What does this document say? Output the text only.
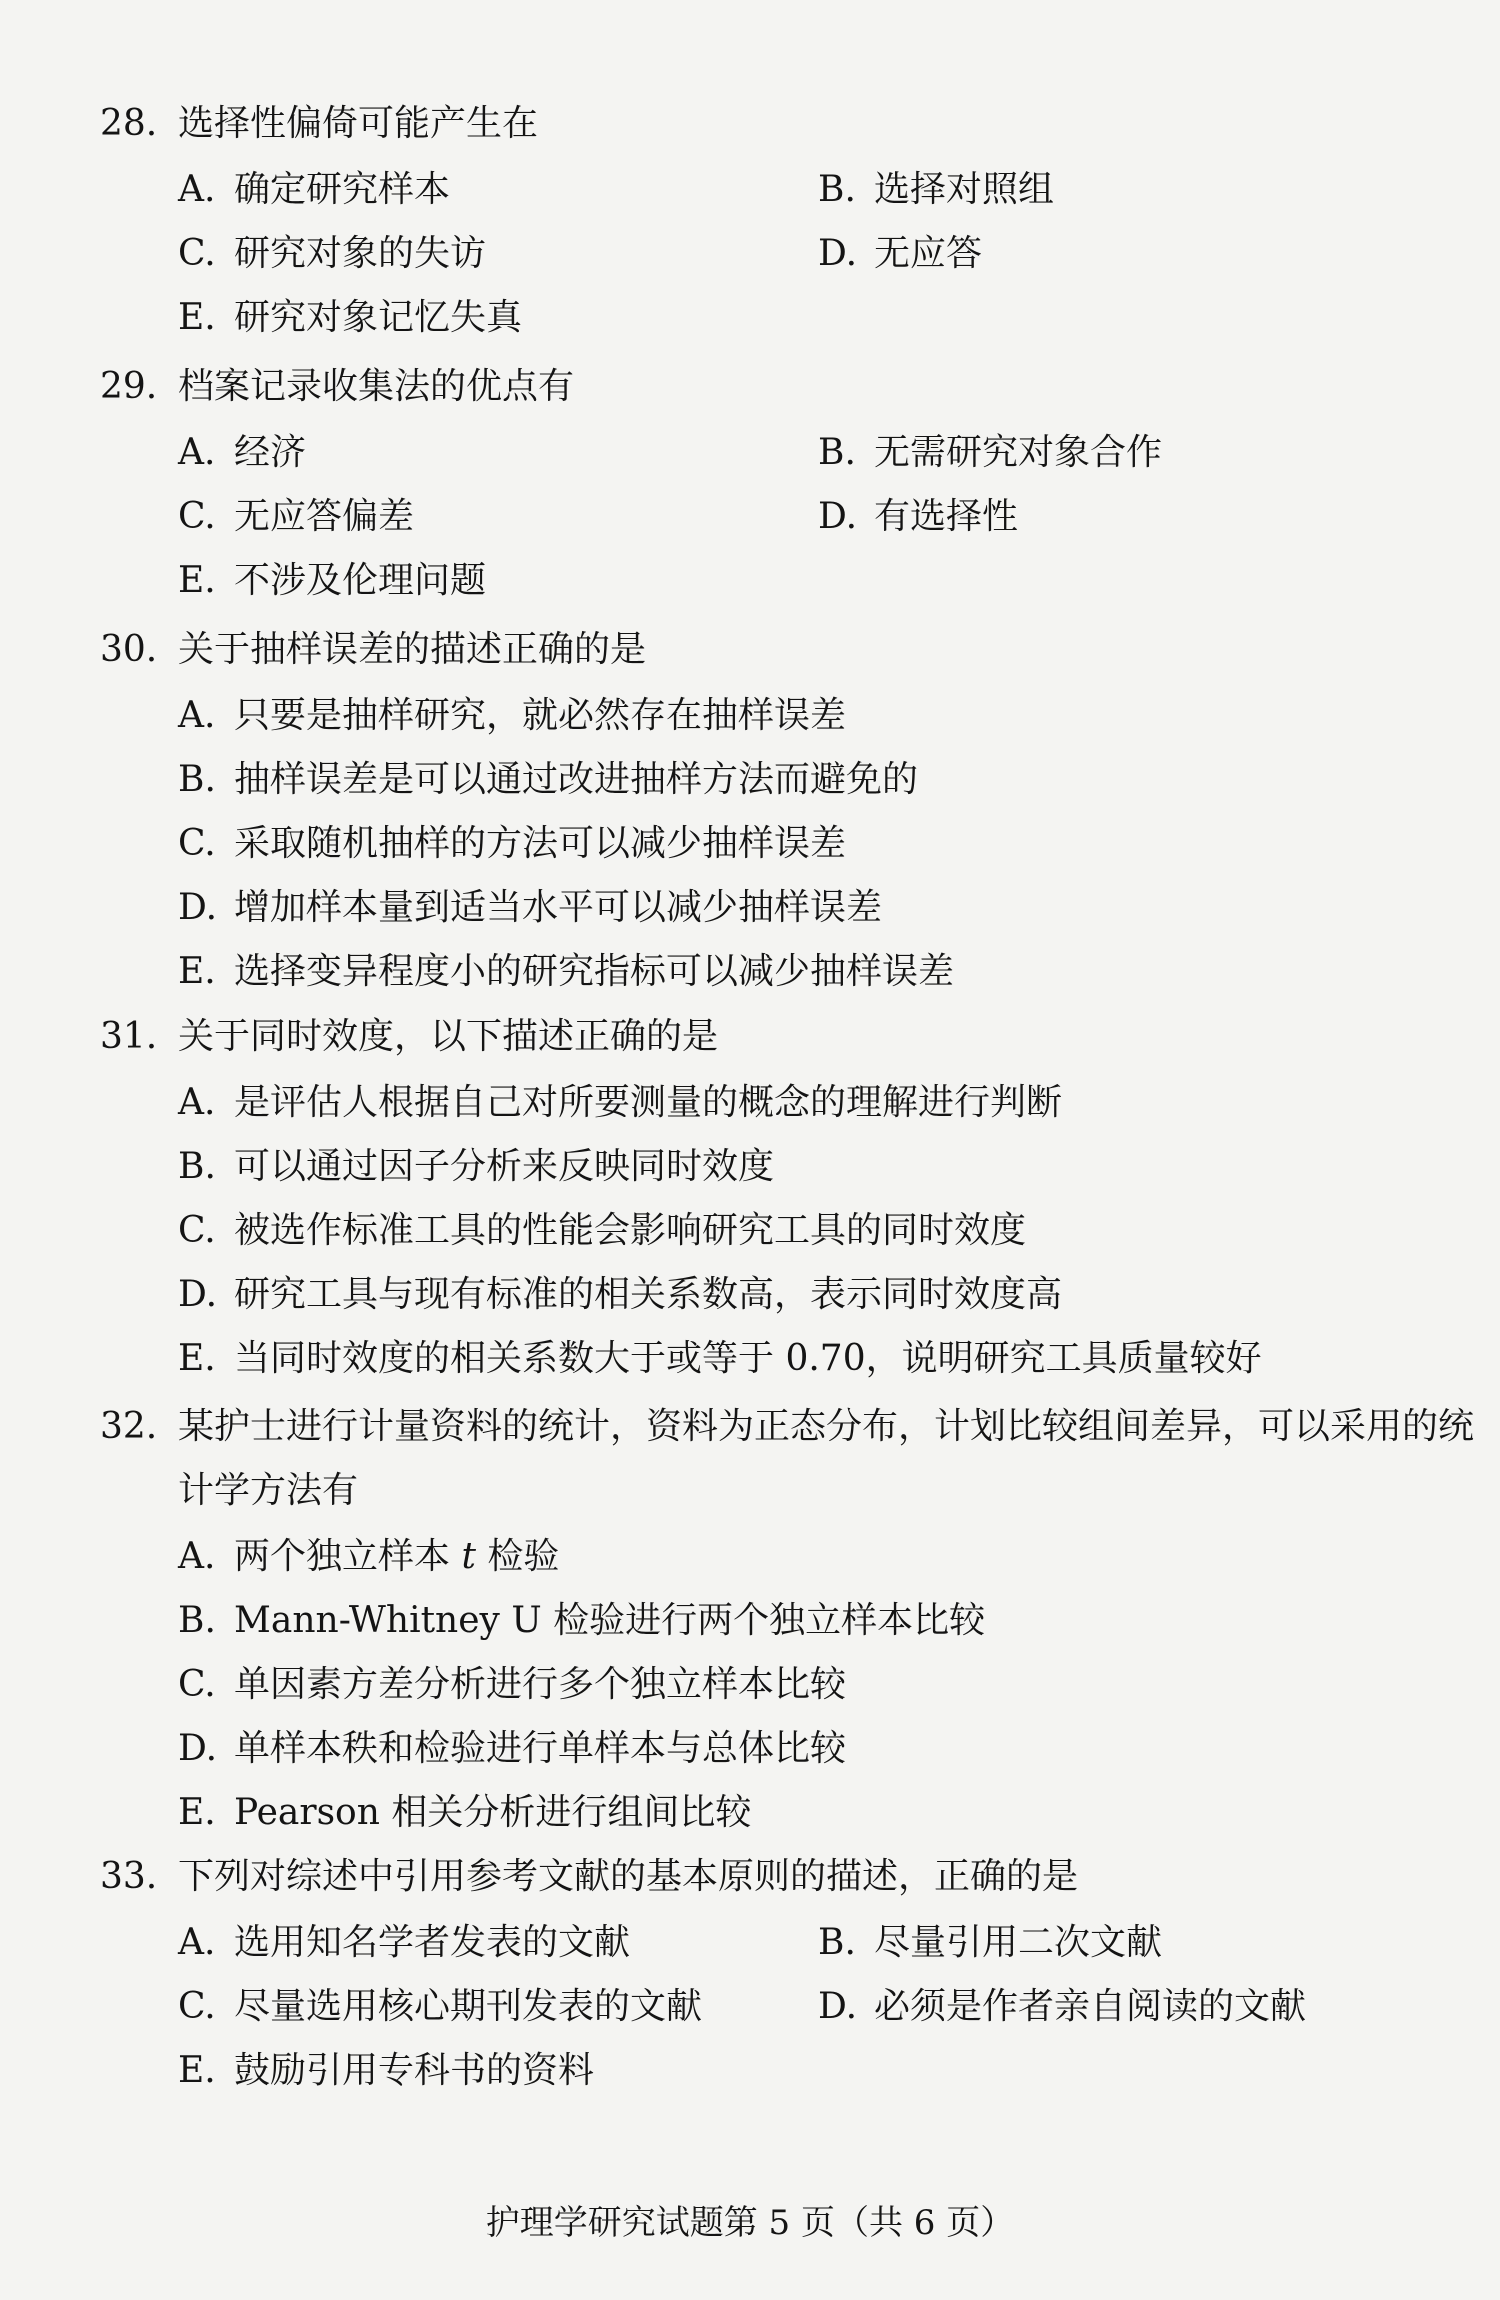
28. 选择性偏倚可能产生在
A. 确定研究样本	B. 选择对照组
C. 研究对象的失访	D. 无应答
E. 研究对象记忆失真
29. 档案记录收集法的优点有
A. 经济	B. 无需研究对象合作
C. 无应答偏差	D. 有选择性
E. 不涉及伦理问题
30. 关于抽样误差的描述正确的是
A. 只要是抽样研究，就必然存在抽样误差
B. 抽样误差是可以通过改进抽样方法而避免的
C. 采取随机抽样的方法可以减少抽样误差
D. 增加样本量到适当水平可以减少抽样误差
E. 选择变异程度小的研究指标可以减少抽样误差
31. 关于同时效度，以下描述正确的是
A. 是评估人根据自己对所要测量的概念的理解进行判断
B. 可以通过因子分析来反映同时效度
C. 被选作标准工具的性能会影响研究工具的同时效度
D. 研究工具与现有标准的相关系数高，表示同时效度高
E. 当同时效度的相关系数大于或等于 0.70，说明研究工具质量较好
32. 某护士进行计量资料的统计，资料为正态分布，计划比较组间差异，可以采用的统计学方法有
A. 两个独立样本 t 检验
B. Mann-Whitney U 检验进行两个独立样本比较
C. 单因素方差分析进行多个独立样本比较
D. 单样本秩和检验进行单样本与总体比较
E. Pearson 相关分析进行组间比较
33. 下列对综述中引用参考文献的基本原则的描述，正确的是
A. 选用知名学者发表的文献	B. 尽量引用二次文献
C. 尽量选用核心期刊发表的文献	D. 必须是作者亲自阅读的文献
E. 鼓励引用专科书的资料
护理学研究试题第 5 页（共 6 页）
